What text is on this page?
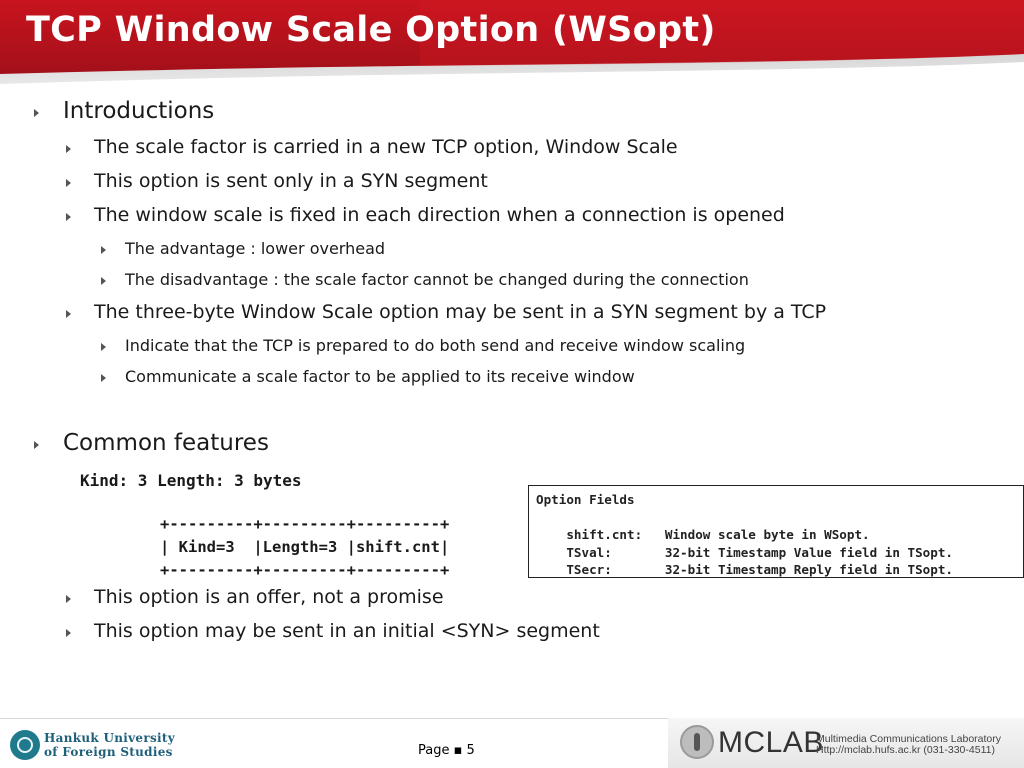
TCP Window Scale Option (WSopt)
Introductions
The scale factor is carried in a new TCP option, Window Scale
This option is sent only in a SYN segment
The window scale is fixed in each direction when a connection is opened
The advantage : lower overhead
The disadvantage : the scale factor cannot be changed during the connection
The three-byte Window Scale option may be sent in a SYN segment by a TCP
Indicate that the TCP is prepared to do both send and receive window scaling
Communicate a scale factor to be applied to its receive window
Common features
Kind: 3 Length: 3 bytes
+---------+---------+---------+
| Kind=3  |Length=3 |shift.cnt|
+---------+---------+---------+
Option Fields

shift.cnt:   Window scale byte in WSopt.
TSval:       32-bit Timestamp Value field in TSopt.
TSecr:       32-bit Timestamp Reply field in TSopt.
This option is an offer, not a promise
This option may be sent in an initial <SYN> segment
Hankuk University
of Foreign Studies	Page ▪ 5	MCLAB
Multimedia Communications Laboratory
Http://mclab.hufs.ac.kr (031-330-4511)
